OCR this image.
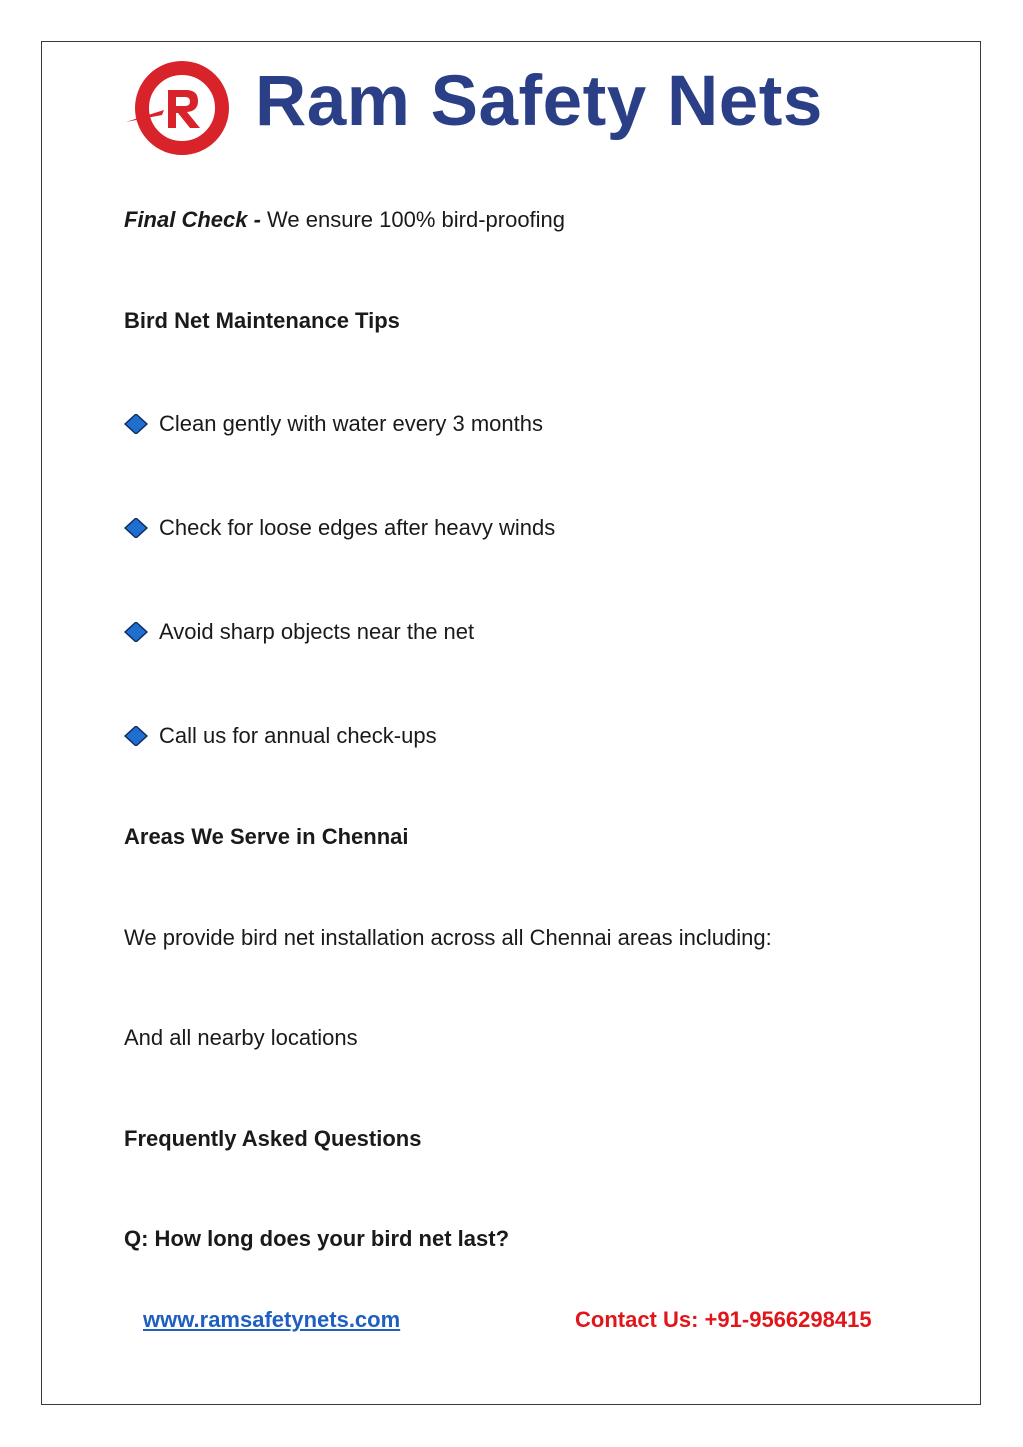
Ram Safety Nets
Final Check - We ensure 100% bird-proofing
Bird Net Maintenance Tips
Clean gently with water every 3 months
Check for loose edges after heavy winds
Avoid sharp objects near the net
Call us for annual check-ups
Areas We Serve in Chennai
We provide bird net installation across all Chennai areas including:
And all nearby locations
Frequently Asked Questions
Q: How long does your bird net last?
www.ramsafetynets.com	Contact Us: +91-9566298415
